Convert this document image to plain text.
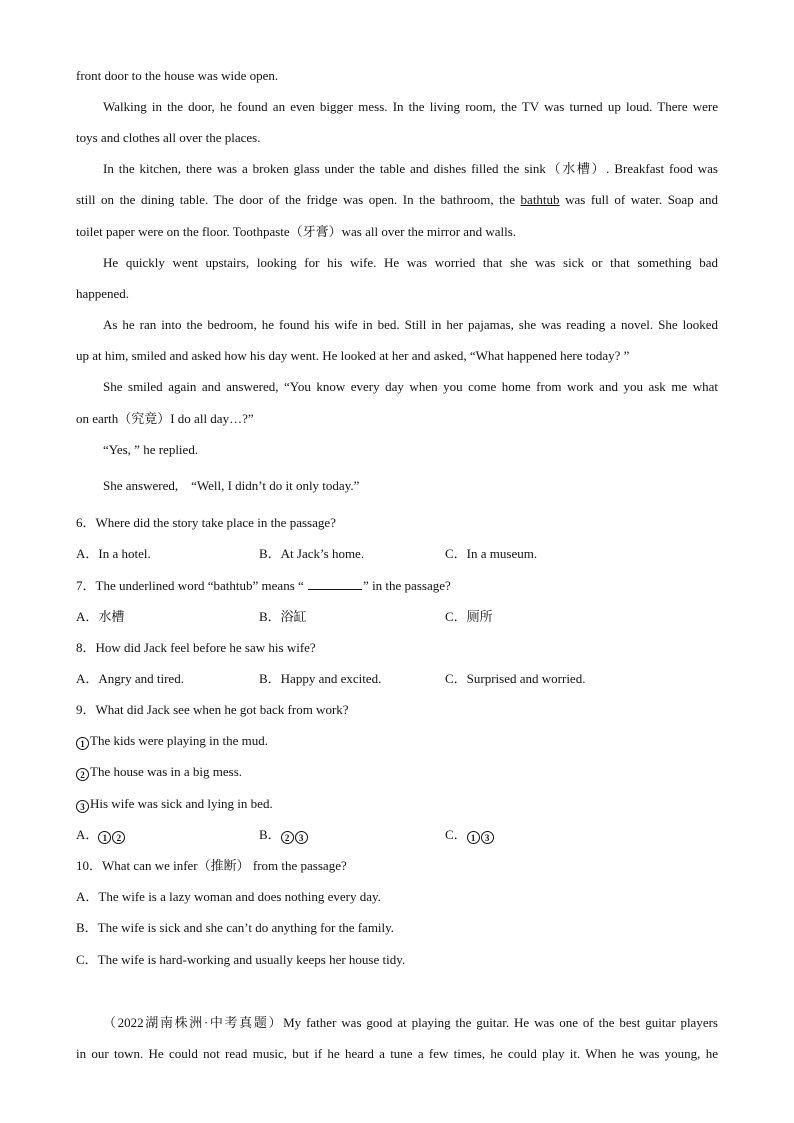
front door to the house was wide open.
Walking in the door, he found an even bigger mess. In the living room, the TV was turned up loud. There were
toys and clothes all over the places.
In the kitchen, there was a broken glass under the table and dishes filled the sink（水槽）. Breakfast food was
still on the dining table. The door of the fridge was open. In the bathroom, the bathtub was full of water. Soap and
toilet paper were on the floor. Toothpaste（牙膏）was all over the mirror and walls.
He quickly went upstairs, looking for his wife. He was worried that she was sick or that something bad
happened.
As he ran into the bedroom, he found his wife in bed. Still in her pajamas, she was reading a novel. She looked
up at him, smiled and asked how his day went. He looked at her and asked, “What happened here today? ”
She smiled again and answered, “You know every day when you come home from work and you ask me what
on earth（究竟）I do all day…?”
“Yes, ” he replied.
She answered,    “Well, I didn’t do it only today.”
6．Where did the story take place in the passage?
A．In a hotel.	B．At Jack’s home.	C．In a museum.
7．The underlined word “bathtub” means “	” in the passage?
A．水槽	B．浴缸	C．厕所
8．How did Jack feel before he saw his wife?
A．Angry and tired.	B．Happy and excited.	C．Surprised and worried.
9．What did Jack see when he got back from work?
1 The kids were playing in the mud.
2 The house was in a big mess.
3 His wife was sick and lying in bed.
A． 1 2	B． 2 3	C． 1 3
10．What can we infer（推断） from the passage?
A．The wife is a lazy woman and does nothing every day.
B．The wife is sick and she can’t do anything for the family.
C．The wife is hard-working and usually keeps her house tidy.
（2022湖南株洲·中考真题）My father was good at playing the guitar. He was one of the best guitar players
in our town. He could not read music, but if he heard a tune a few times, he could play it. When he was young, he
